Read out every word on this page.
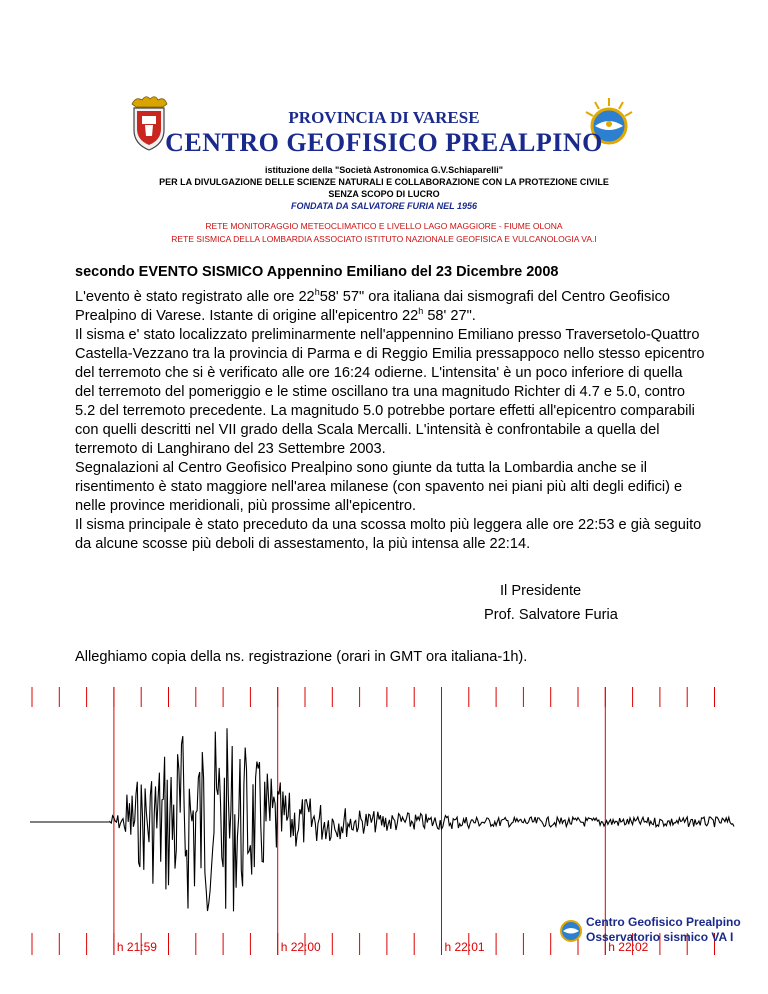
PROVINCIA DI VARESE
CENTRO GEOFISICO PREALPINO
istituzione della "Società Astronomica G.V.Schiaparelli"
PER LA DIVULGAZIONE DELLE SCIENZE NATURALI E COLLABORAZIONE CON LA PROTEZIONE CIVILE
SENZA SCOPO DI LUCRO
FONDATA DA SALVATORE FURIA NEL 1956
RETE MONITORAGGIO METEOCLIMATICO E LIVELLO LAGO MAGGIORE - FIUME OLONA
RETE SISMICA DELLA LOMBARDIA ASSOCIATO ISTITUTO NAZIONALE GEOFISICA E VULCANOLOGIA VA.I
secondo EVENTO SISMICO Appennino Emiliano del 23 Dicembre 2008

L'evento è stato registrato alle ore 22$^h$58' 57" ora italiana dai sismografi del Centro Geofisico Prealpino di Varese. Istante di origine all'epicentro 22$^h$ 58' 27".

Il sisma e' stato localizzato preliminarmente nell'appennino Emiliano presso Traversetolo-Quattro Castella-Vezzano tra la provincia di Parma e di Reggio Emilia pressappoco nello stesso epicentro del terremoto che si è verificato alle ore 16:24 odierne. L'intensita' è un poco inferiore di quella del terremoto del pomeriggio e le stime oscillano tra una magnitudo Richter di 4.7 e 5.0, contro 5.2 del terremoto precedente. La magnitudo 5.0 potrebbe portare effetti all'epicentro comparabili con quelli descritti nel VII grado della Scala Mercalli. L'intensità è confrontabile a quella del terremoto di Langhirano del 23 Settembre 2003.

Segnalazioni al Centro Geofisico Prealpino sono giunte da tutta la Lombardia anche se il risentimento è stato maggiore nell'area milanese (con spavento nei piani più alti degli edifici) e nelle province meridionali, più prossime all'epicentro.

Il sisma principale è stato preceduto da una scossa molto più leggera alle ore 22:53 e già seguito da alcune scosse più deboli di assestamento, la più intensa alle 22:14.

Il Presidente
Prof. Salvatore Furia
Alleghiamo copia della ns. registrazione (orari in GMT ora italiana-1h).
h 21:59	h 22:00	h 22:01	h 22:02
Centro Geofisico Prealpino
Osservatorio sismico VA I
